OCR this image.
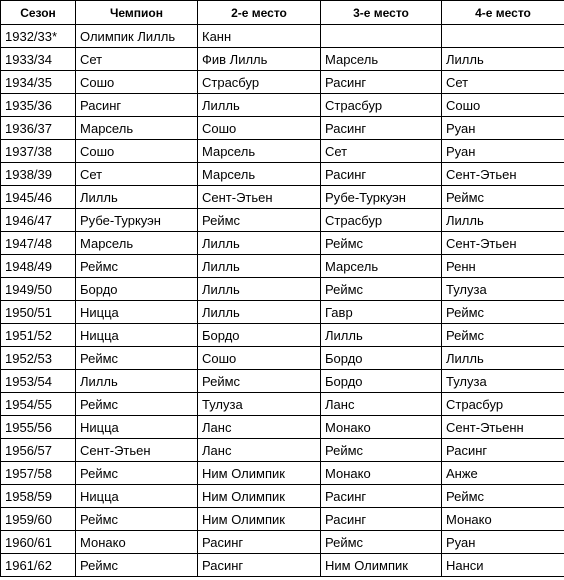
Сезон	Чемпион	2-е место	3-е место	4-е место
1932/33*	Олимпик Лилль	Канн		
1933/34	Сет	Фив Лилль	Марсель	Лилль
1934/35	Сошо	Страсбур	Расинг	Сет
1935/36	Расинг	Лилль	Страсбур	Сошо
1936/37	Марсель	Сошо	Расинг	Руан
1937/38	Сошо	Марсель	Сет	Руан
1938/39	Сет	Марсель	Расинг	Сент-Этьен
1945/46	Лилль	Сент-Этьен	Рубе-Туркуэн	Реймс
1946/47	Рубе-Туркуэн	Реймс	Страсбур	Лилль
1947/48	Марсель	Лилль	Реймс	Сент-Этьен
1948/49	Реймс	Лилль	Марсель	Ренн
1949/50	Бордо	Лилль	Реймс	Тулуза
1950/51	Ницца	Лилль	Гавр	Реймс
1951/52	Ницца	Бордо	Лилль	Реймс
1952/53	Реймс	Сошо	Бордо	Лилль
1953/54	Лилль	Реймс	Бордо	Тулуза
1954/55	Реймс	Тулуза	Ланс	Страсбур
1955/56	Ницца	Ланс	Монако	Сент-Этьенн
1956/57	Сент-Этьен	Ланс	Реймс	Расинг
1957/58	Реймс	Ним Олимпик	Монако	Анже
1958/59	Ницца	Ним Олимпик	Расинг	Реймс
1959/60	Реймс	Ним Олимпик	Расинг	Монако
1960/61	Монако	Расинг	Реймс	Руан
1961/62	Реймс	Расинг	Ним Олимпик	Нанси
